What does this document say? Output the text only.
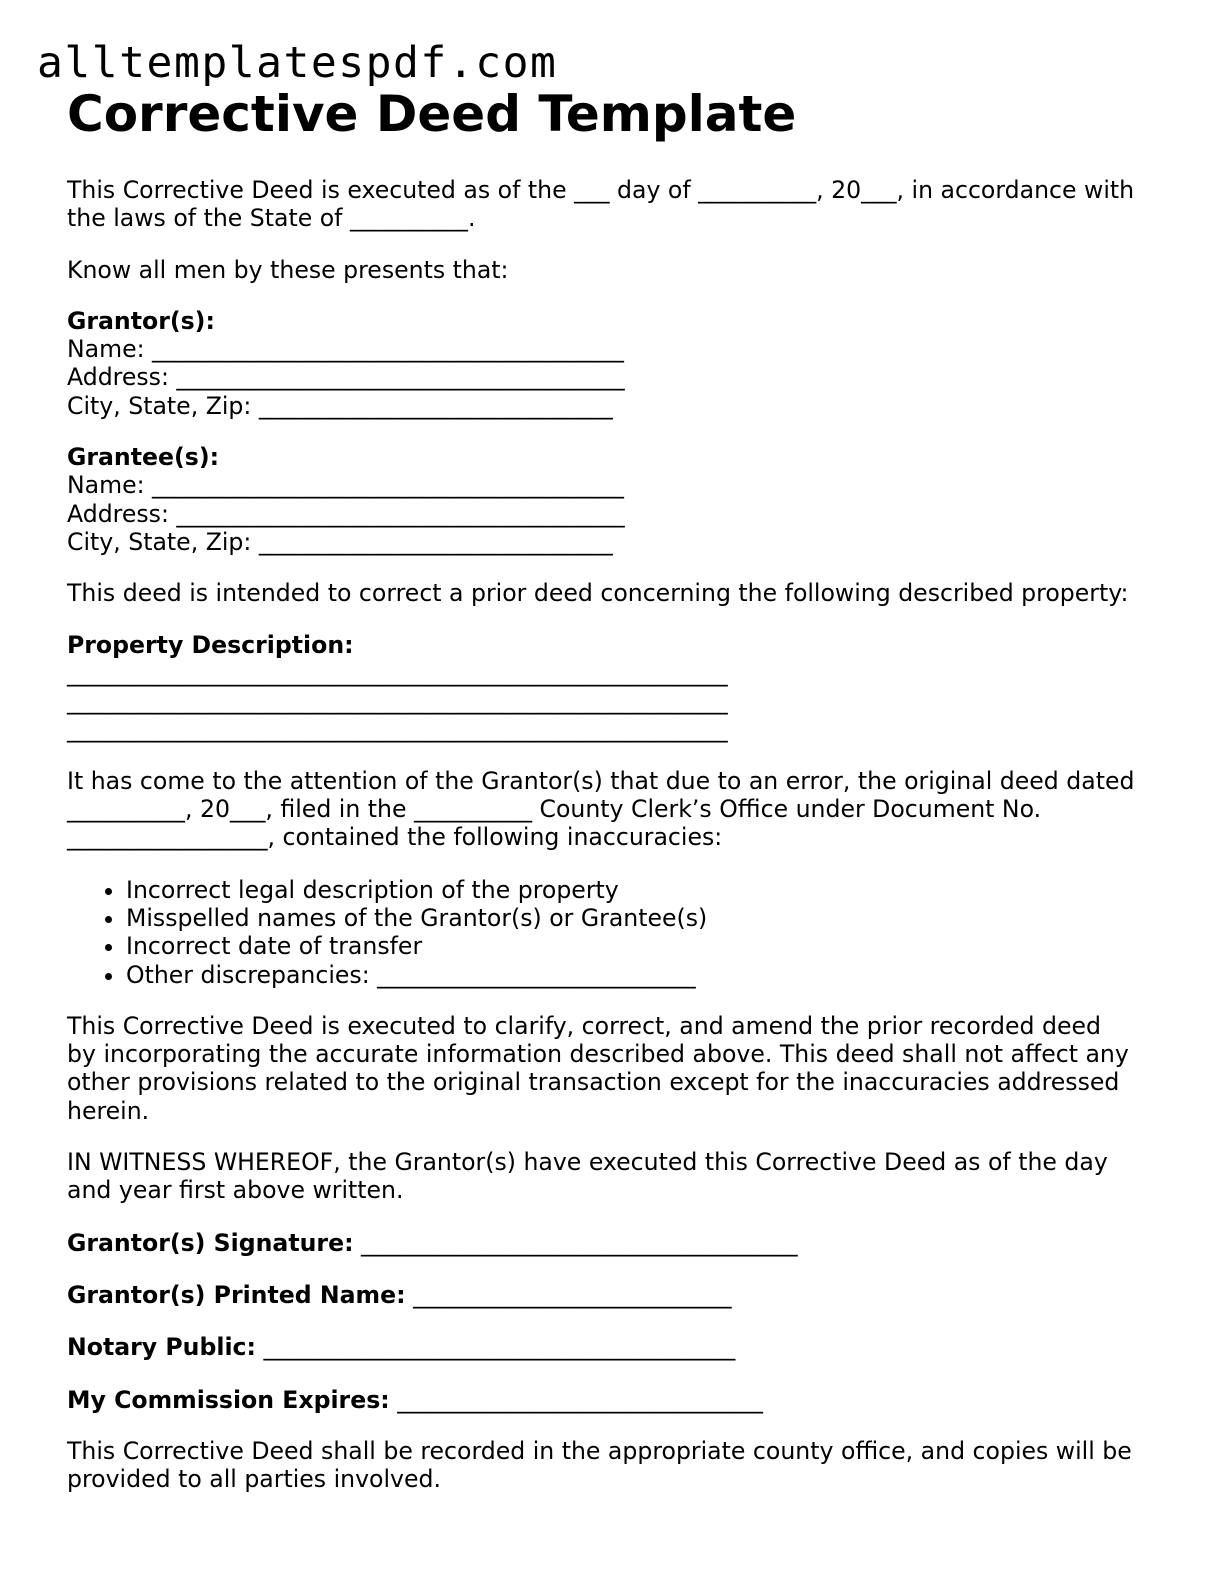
alltemplatespdf.com
Corrective Deed Template
This Corrective Deed is executed as of the ___ day of __________, 20___, in accordance with
the laws of the State of __________.
Know all men by these presents that:
Grantor(s):
Name: ________________________________________
Address: ______________________________________
City, State, Zip: ______________________________
Grantee(s):
Name: ________________________________________
Address: ______________________________________
City, State, Zip: ______________________________
This deed is intended to correct a prior deed concerning the following described property:
Property Description:
________________________________________________________
________________________________________________________
________________________________________________________
It has come to the attention of the Grantor(s) that due to an error, the original deed dated
__________, 20___, filed in the __________ County Clerk’s Office under Document No.
_________________, contained the following inaccuracies:
• Incorrect legal description of the property
• Misspelled names of the Grantor(s) or Grantee(s)
• Incorrect date of transfer
• Other discrepancies: ___________________________
This Corrective Deed is executed to clarify, correct, and amend the prior recorded deed
by incorporating the accurate information described above. This deed shall not affect any
other provisions related to the original transaction except for the inaccuracies addressed
herein.
IN WITNESS WHEREOF, the Grantor(s) have executed this Corrective Deed as of the day
and year first above written.
Grantor(s) Signature: _____________________________________
Grantor(s) Printed Name: ___________________________
Notary Public: ________________________________________
My Commission Expires: _______________________________
This Corrective Deed shall be recorded in the appropriate county office, and copies will be
provided to all parties involved.
